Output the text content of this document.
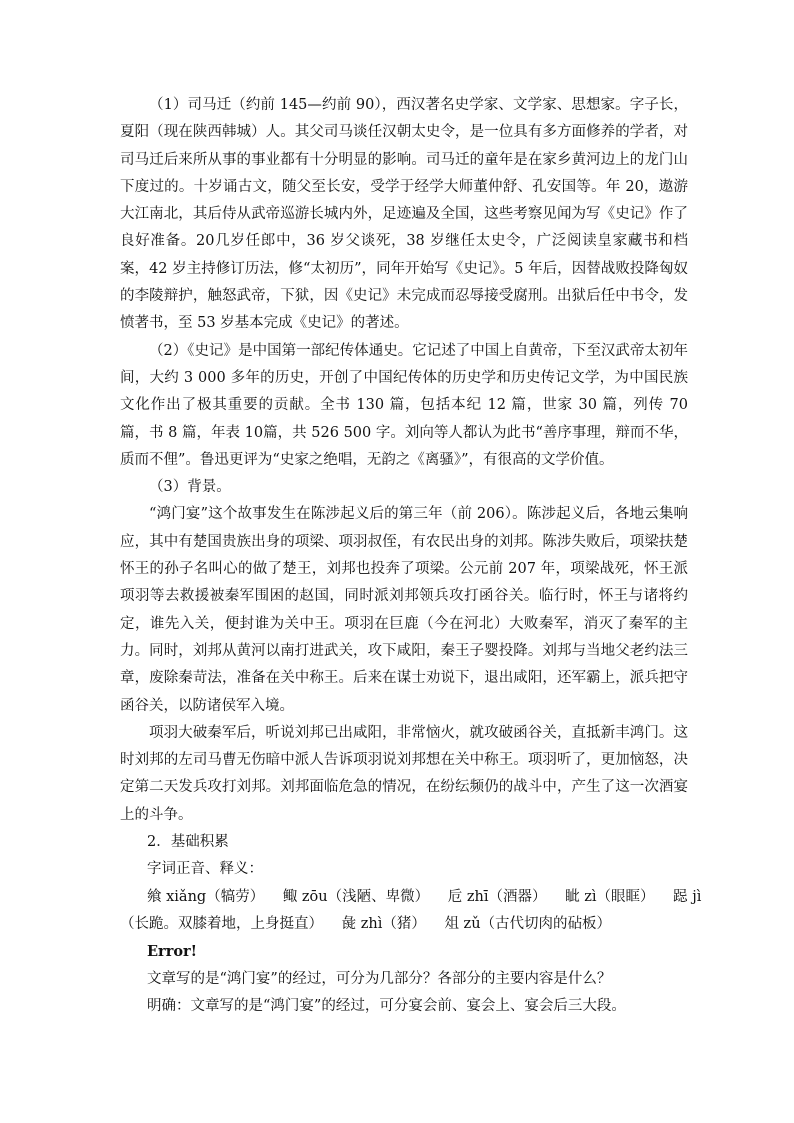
（1）司马迁（约前 145—约前 90），西汉著名史学家、文学家、思想家。字子长，夏阳（现在陕西韩城）人。其父司马谈任汉朝太史令，是一位具有多方面修养的学者，对司马迁后来所从事的事业都有十分明显的影响。司马迁的童年是在家乡黄河边上的龙门山下度过的。十岁诵古文，随父至长安，受学于经学大师董仲舒、孔安国等。年 20，遨游大江南北，其后侍从武帝巡游长城内外，足迹遍及全国，这些考察见闻为写《史记》作了良好准备。20几岁任郎中，36 岁父谈死，38 岁继任太史令，广泛阅读皇家藏书和档案，42 岁主持修订历法，修“太初历”，同年开始写《史记》。5 年后，因替战败投降匈奴的李陵辩护，触怒武帝，下狱，因《史记》未完成而忍辱接受腐刑。出狱后任中书令，发愤著书，至 53 岁基本完成《史记》的著述。

（2）《史记》是中国第一部纪传体通史。它记述了中国上自黄帝，下至汉武帝太初年间，大约 3 000 多年的历史，开创了中国纪传体的历史学和历史传记文学，为中国民族文化作出了极其重要的贡献。全书 130 篇，包括本纪 12 篇，世家 30 篇，列传 70 篇，书 8 篇，年表 10篇，共 526 500 字。刘向等人都认为此书“善序事理，辩而不华，质而不俚”。鲁迅更评为“史家之绝唱，无韵之《离骚》”，有很高的文学价值。

（3）背景。

“鸿门宴”这个故事发生在陈涉起义后的第三年（前 206）。陈涉起义后，各地云集响应，其中有楚国贵族出身的项梁、项羽叔侄，有农民出身的刘邦。陈涉失败后，项梁扶楚怀王的孙子名叫心的做了楚王，刘邦也投奔了项梁。公元前 207 年，项梁战死，怀王派项羽等去救援被秦军围困的赵国，同时派刘邦领兵攻打函谷关。临行时，怀王与诸将约定，谁先入关，便封谁为关中王。项羽在巨鹿（今在河北）大败秦军，消灭了秦军的主力。同时，刘邦从黄河以南打进武关，攻下咸阳，秦王子婴投降。刘邦与当地父老约法三章，废除秦苛法，准备在关中称王。后来在谋士劝说下，退出咸阳，还军霸上，派兵把守函谷关，以防诸侯军入境。

项羽大破秦军后，听说刘邦已出咸阳，非常恼火，就攻破函谷关，直抵新丰鸿门。这时刘邦的左司马曹无伤暗中派人告诉项羽说刘邦想在关中称王。项羽听了，更加恼怒，决定第二天发兵攻打刘邦。刘邦面临危急的情况，在纷纭频仍的战斗中，产生了这一次酒宴上的斗争。

2．基础积累

字词正音、释义：

飨 xiǎng（犒劳） 鲰 zōu（浅陋、卑微） 卮 zhī（酒器） 眦 zì（眼眶） 跽 jì

（长跪。双膝着地，上身挺直） 彘 zhì（猪） 俎 zǔ（古代切肉的砧板）

Error!

文章写的是“鸿门宴”的经过，可分为几部分？各部分的主要内容是什么？

明确：文章写的是“鸿门宴”的经过，可分宴会前、宴会上、宴会后三大段。
